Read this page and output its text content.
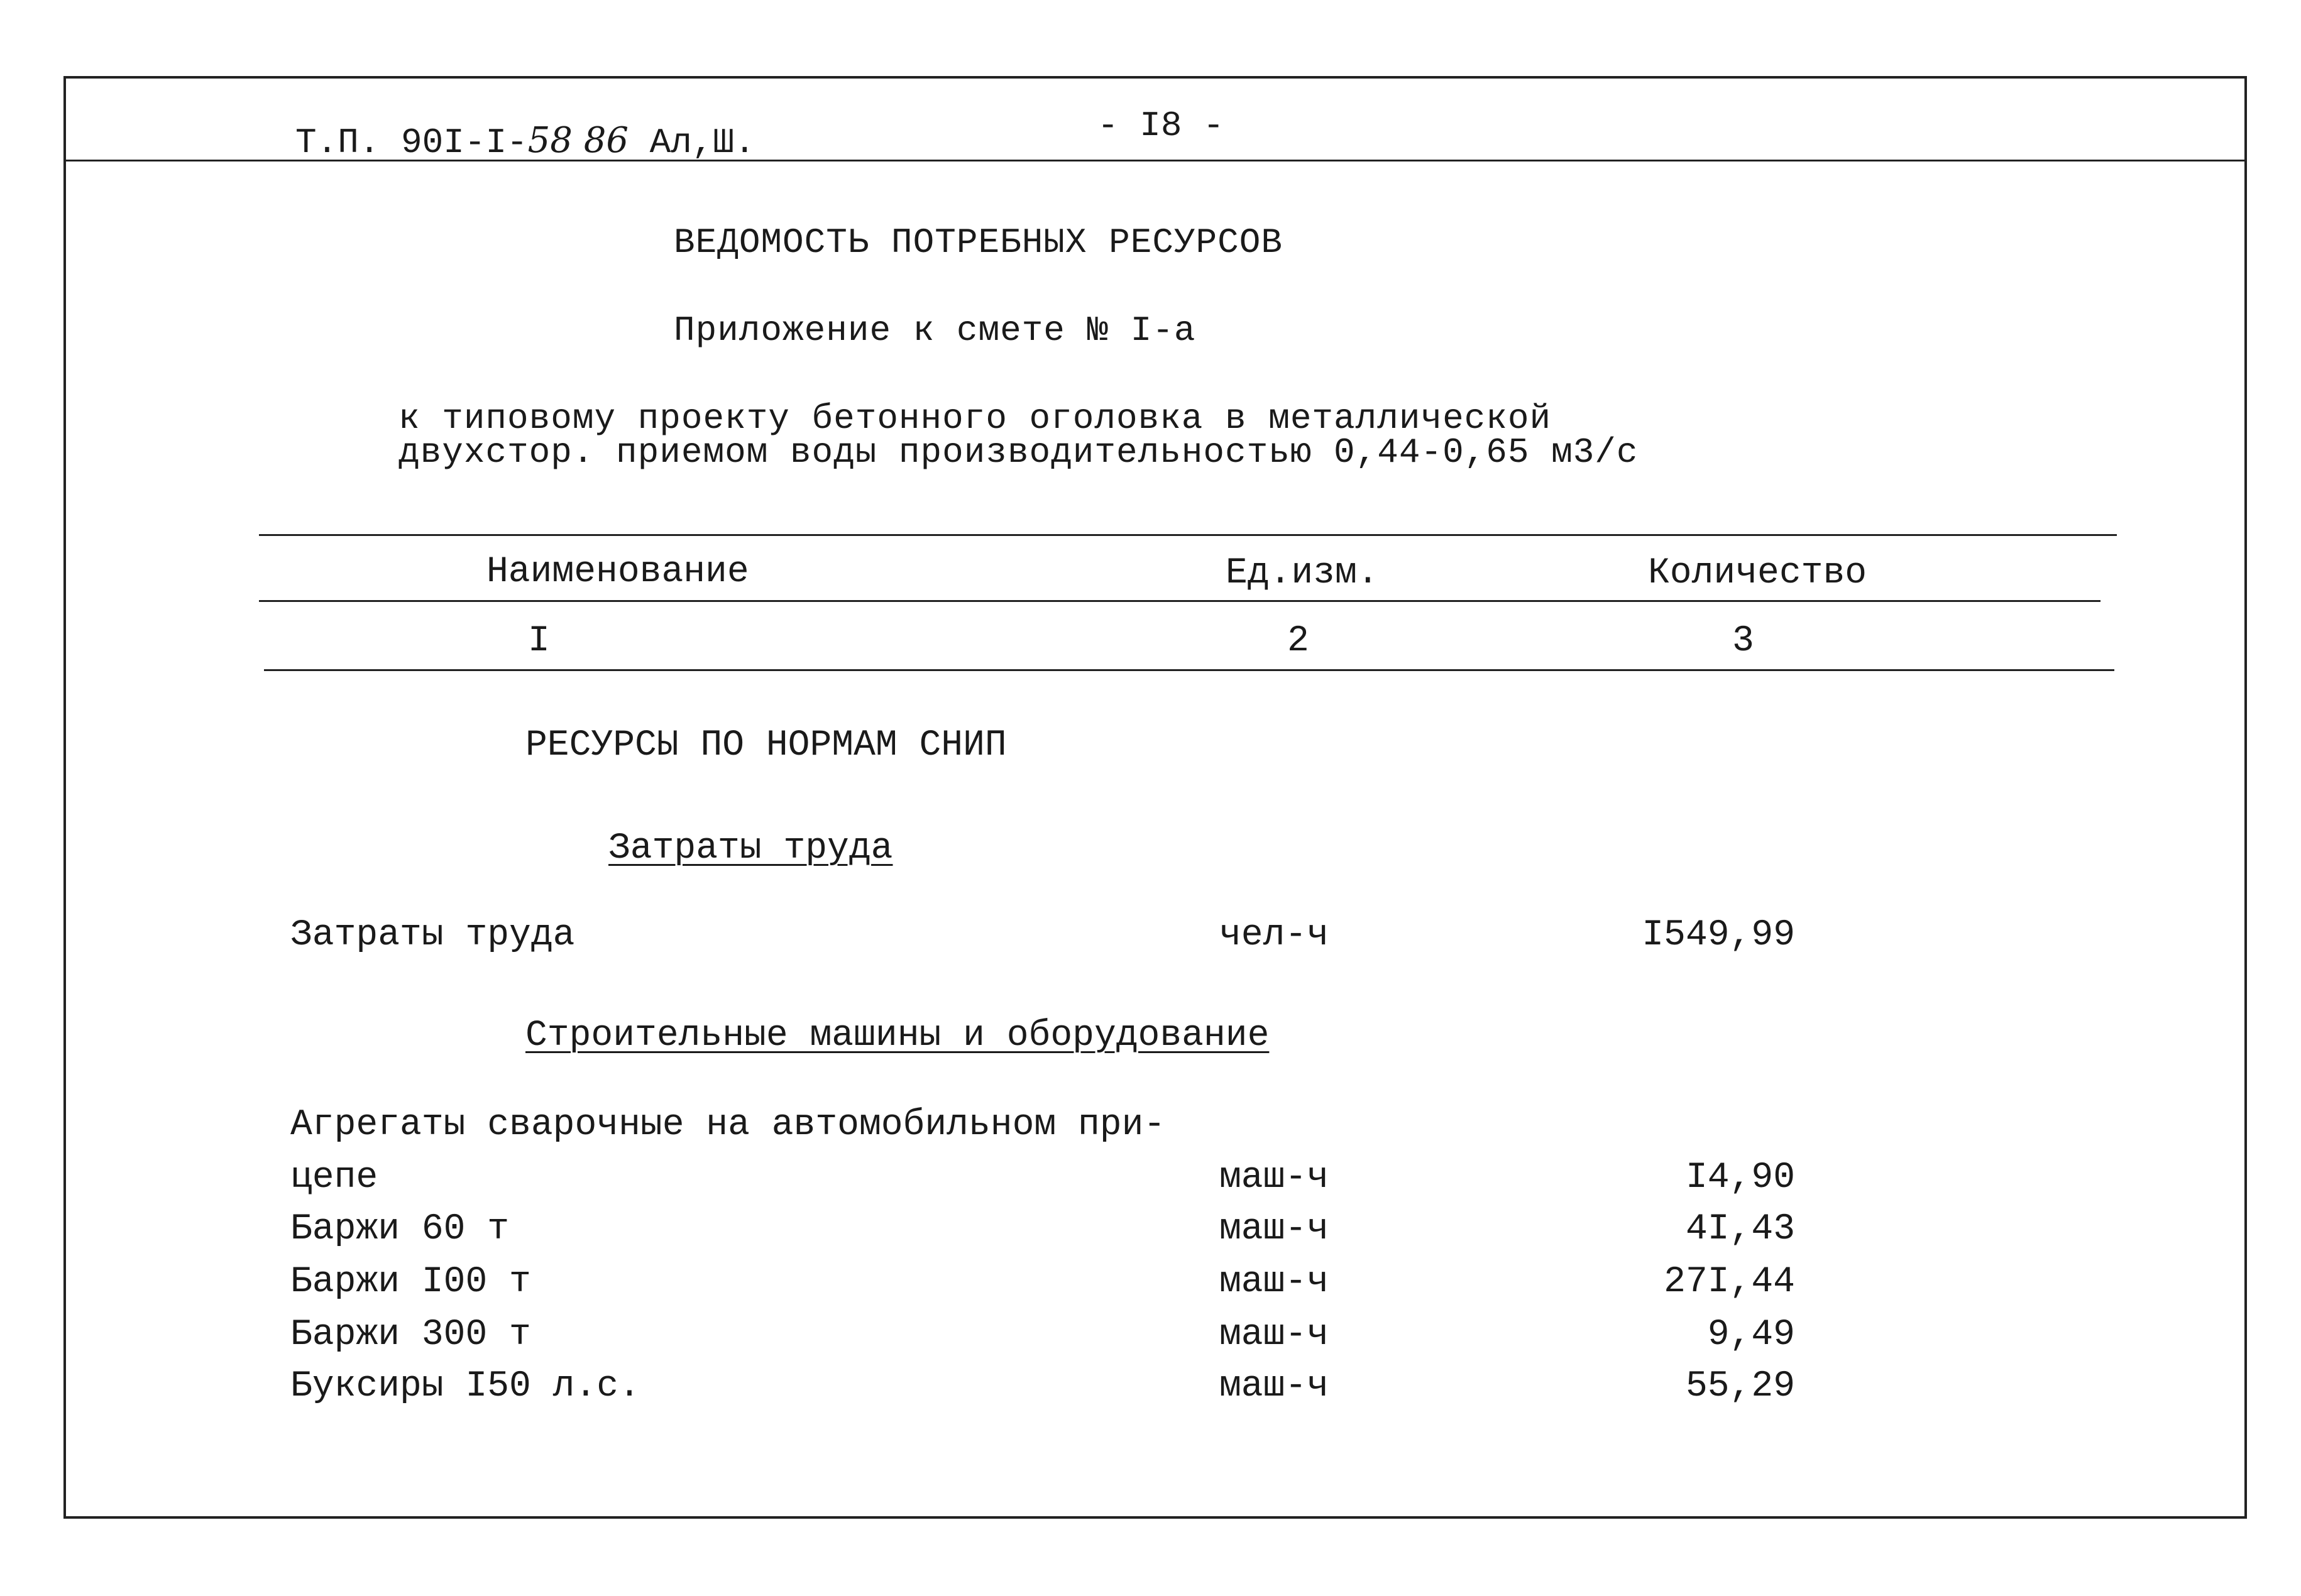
Т.П. 90I-I-58 86 Ал,Ш.	- I8 -
ВЕДОМОСТЬ ПОТРЕБНЫХ РЕСУРСОВ
Приложение к смете № I-а
к типовому проекту бетонного оголовка в металлической
двухстор. приемом воды производительностью 0,44-0,65 м3/с
Наименование	Ед.изм.	Количество
I	2	3
РЕСУРСЫ ПО НОРМАМ СНИП
Затраты труда
Затраты труда	чел-ч	I549,99
Строительные машины и оборудование
Агрегаты сварочные на автомобильном при-
цепе	маш-ч	I4,90
Баржи 60 т	маш-ч	4I,43
Баржи I00 т	маш-ч	27I,44
Баржи 300 т	маш-ч	9,49
Буксиры I50 л.с.	маш-ч	55,29
